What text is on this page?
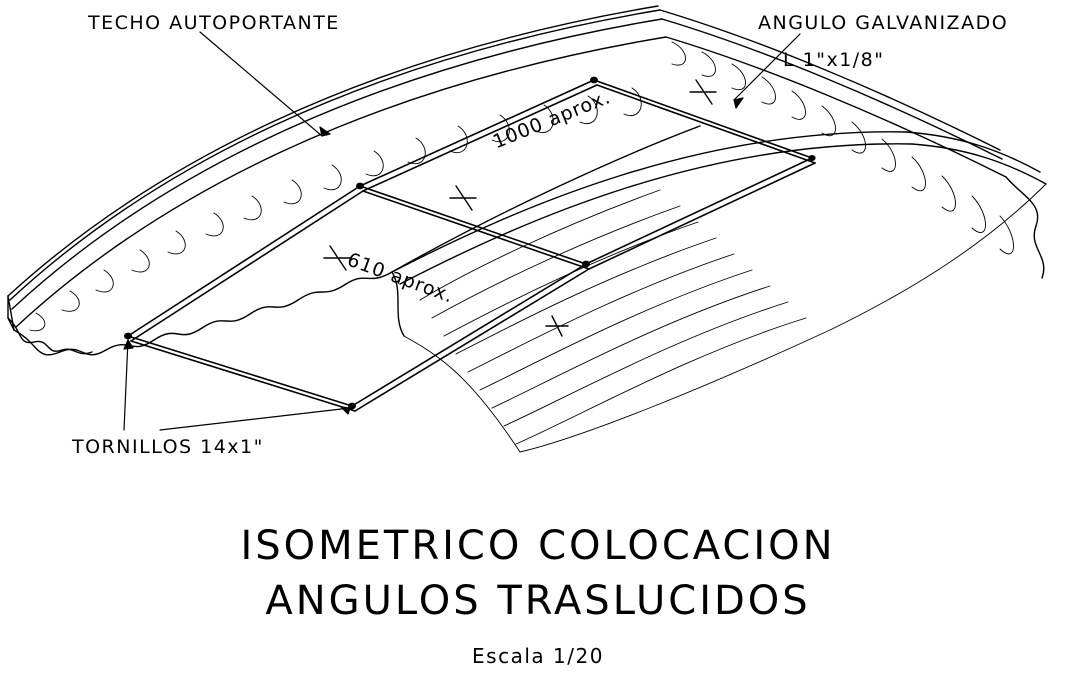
TECHO AUTOPORTANTE	ANGULO GALVANIZADO
L 1"x1/8"
TORNILLOS 14x1"
1000 aprox.
610 aprox.
ISOMETRICO COLOCACION
ANGULOS TRASLUCIDOS
Escala 1/20
